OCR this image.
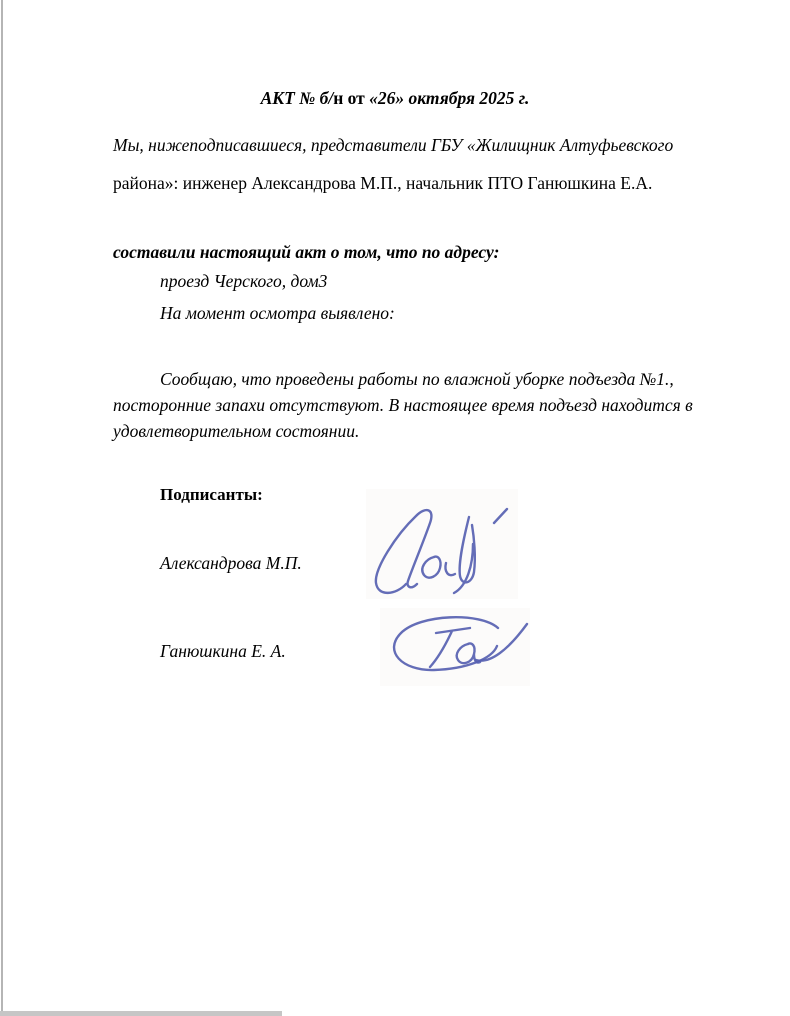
АКТ № б/н от «26» октября 2025 г.
Мы, нижеподписавшиеся, представители ГБУ «Жилищник Алтуфьевского
района»: инженер Александрова М.П., начальник ПТО Ганюшкина Е.А.
составили настоящий акт о том, что по адресу:
проезд Черского, дом3
На момент осмотра выявлено:
Сообщаю, что проведены работы по влажной уборке подъезда №1.,
посторонние запахи отсутствуют. В настоящее время подъезд находится в
удовлетворительном состоянии.
Подписанты:
Александрова М.П.
Ганюшкина Е. А.
